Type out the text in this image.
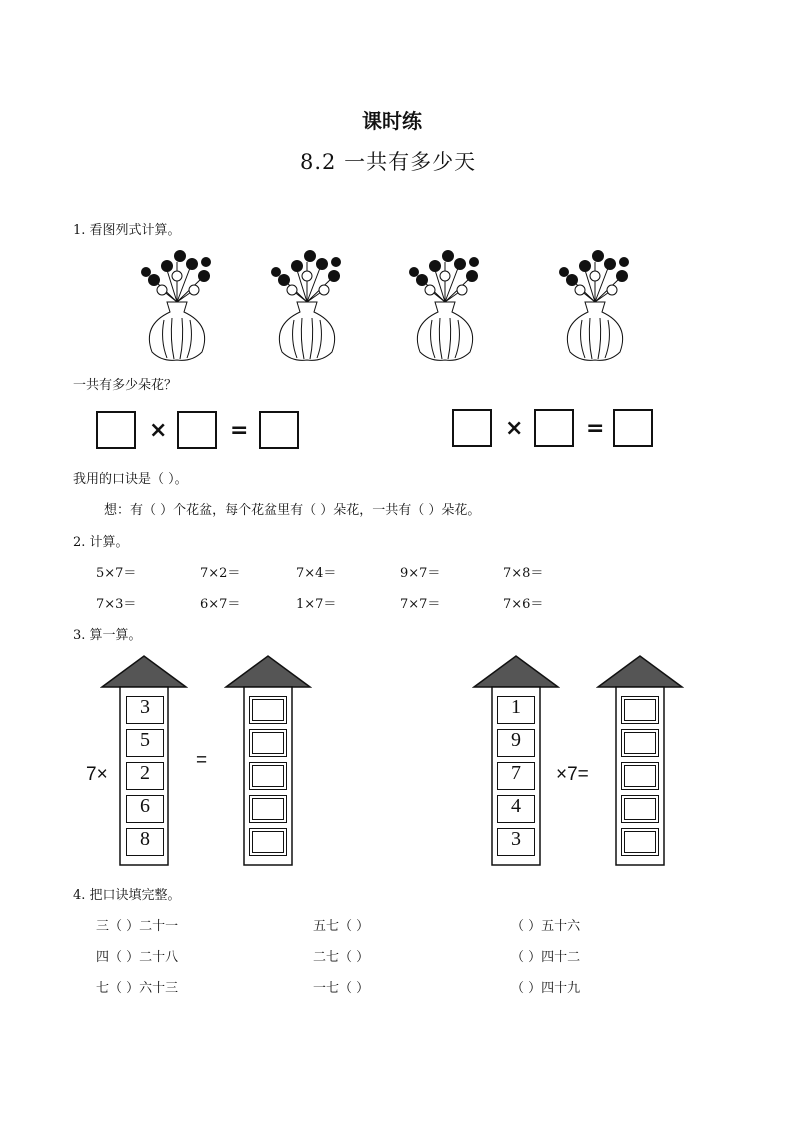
课时练
8.2 一共有多少天
1. 看图列式计算。
一共有多少朵花？
×	=	×	=
我用的口诀是（ ）。
想：有（ ）个花盆，每个花盆里有（ ）朵花，一共有（ ）朵花。
2. 计算。
5×7＝	7×2＝	7×4＝	9×7＝	7×8＝
7×3＝	6×7＝	1×7＝	7×7＝	7×6＝
3. 算一算。
3
5
2
6
8
7×
=
1
9
7
4
3
×7=
4. 把口诀填完整。
三（ ）二十一	五七（ ）	（ ）五十六
四（ ）二十八	二七（ ）	（ ）四十二
七（ ）六十三	一七（ ）	（ ）四十九
